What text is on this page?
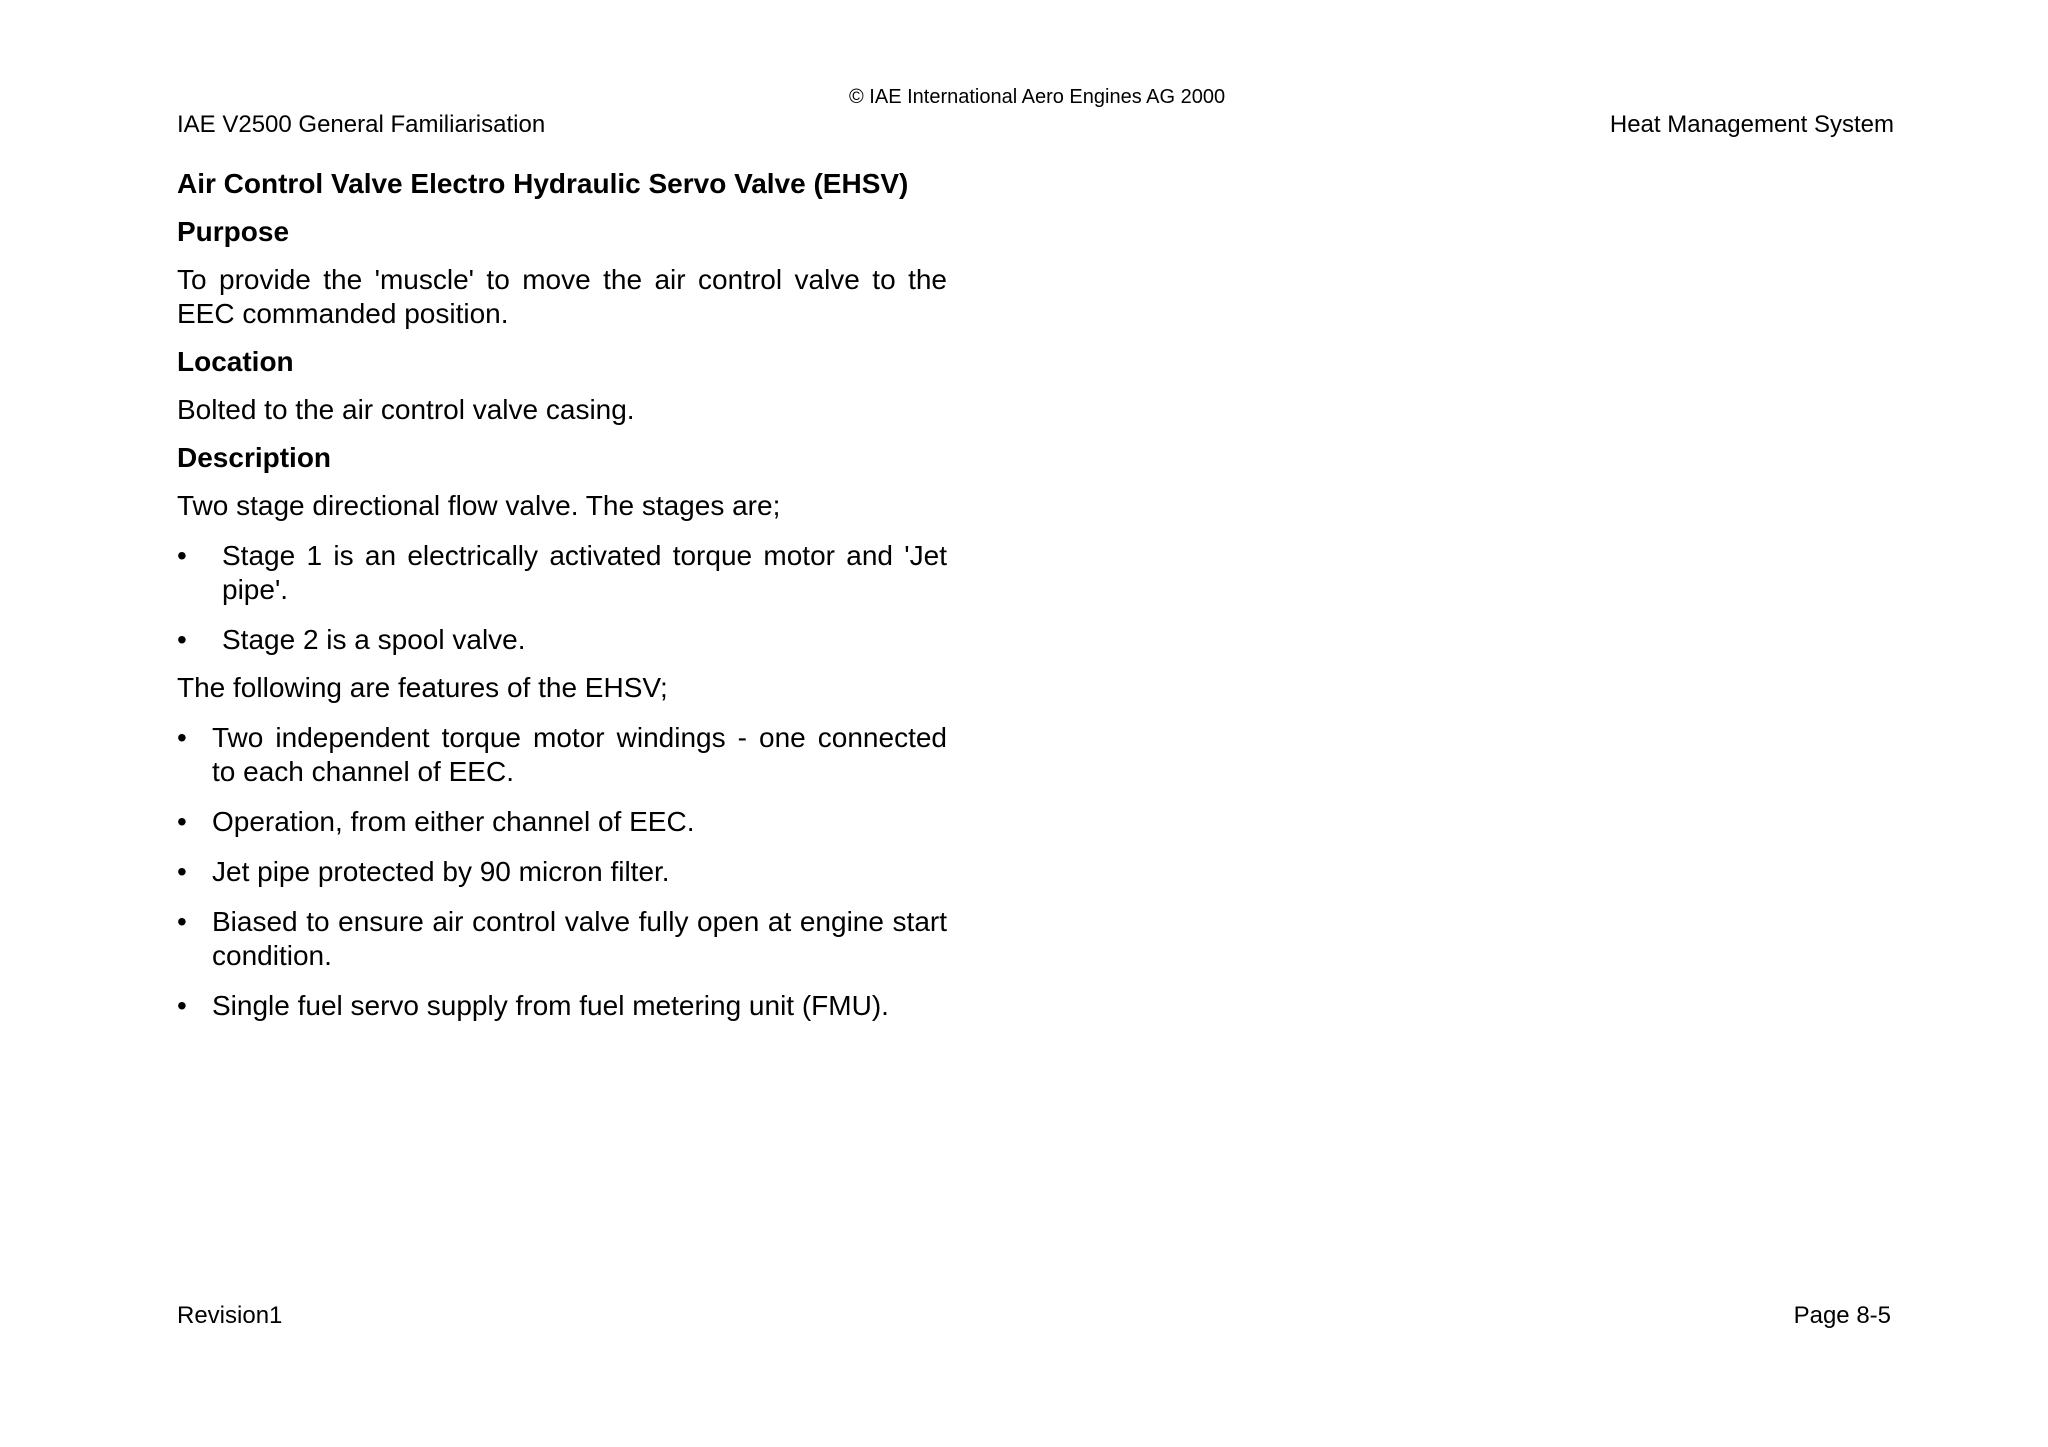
© IAE International Aero Engines AG 2000
IAE V2500 General Familiarisation	Heat Management System

Air Control Valve Electro Hydraulic Servo Valve (EHSV)

Purpose

To provide the 'muscle' to move the air control valve to the EEC commanded position.

Location

Bolted to the air control valve casing.

Description

Two stage directional flow valve. The stages are;

• Stage 1 is an electrically activated torque motor and 'Jet pipe'.
• Stage 2 is a spool valve.

The following are features of the EHSV;

• Two independent torque motor windings - one connected to each channel of EEC.
• Operation, from either channel of EEC.
• Jet pipe protected by 90 micron filter.
• Biased to ensure air control valve fully open at engine start condition.
• Single fuel servo supply from fuel metering unit (FMU).
Revision1	Page 8-5
